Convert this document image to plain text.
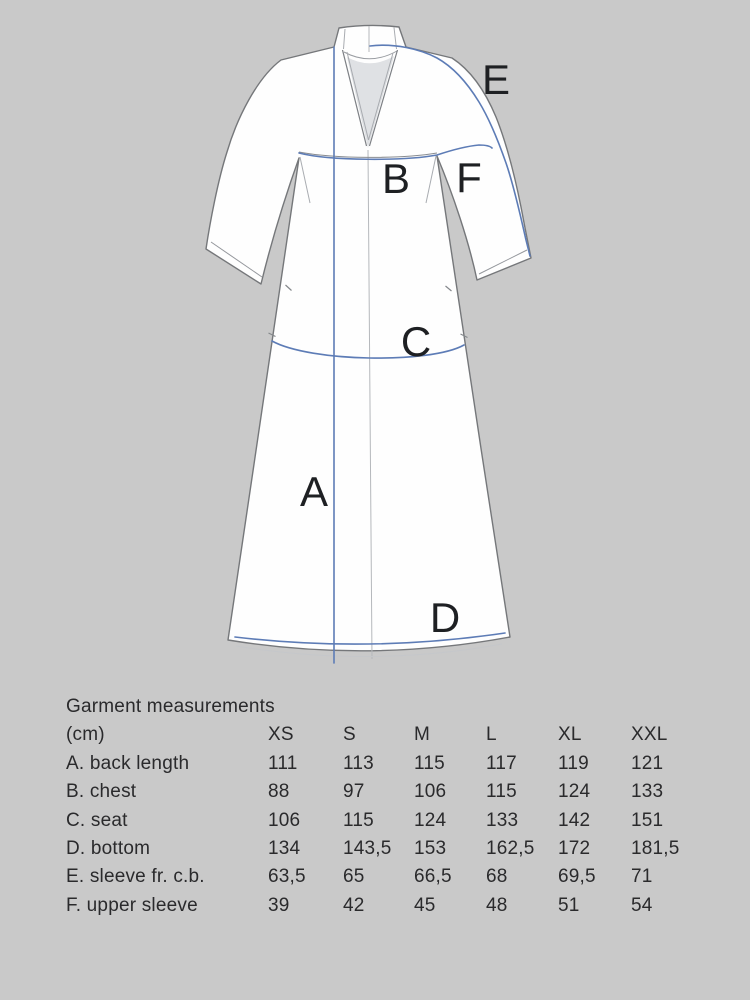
E
B F
C
A
D
Garment measurements
(cm)	XS	S	M	L	XL	XXL
A. back length	111	113	115	117	119	121
B. chest	88	97	106	115	124	133
C. seat	106	115	124	133	142	151
D. bottom	134	143,5	153	162,5	172	181,5
E. sleeve fr. c.b.	63,5	65	66,5	68	69,5	71
F. upper sleeve	39	42	45	48	51	54
